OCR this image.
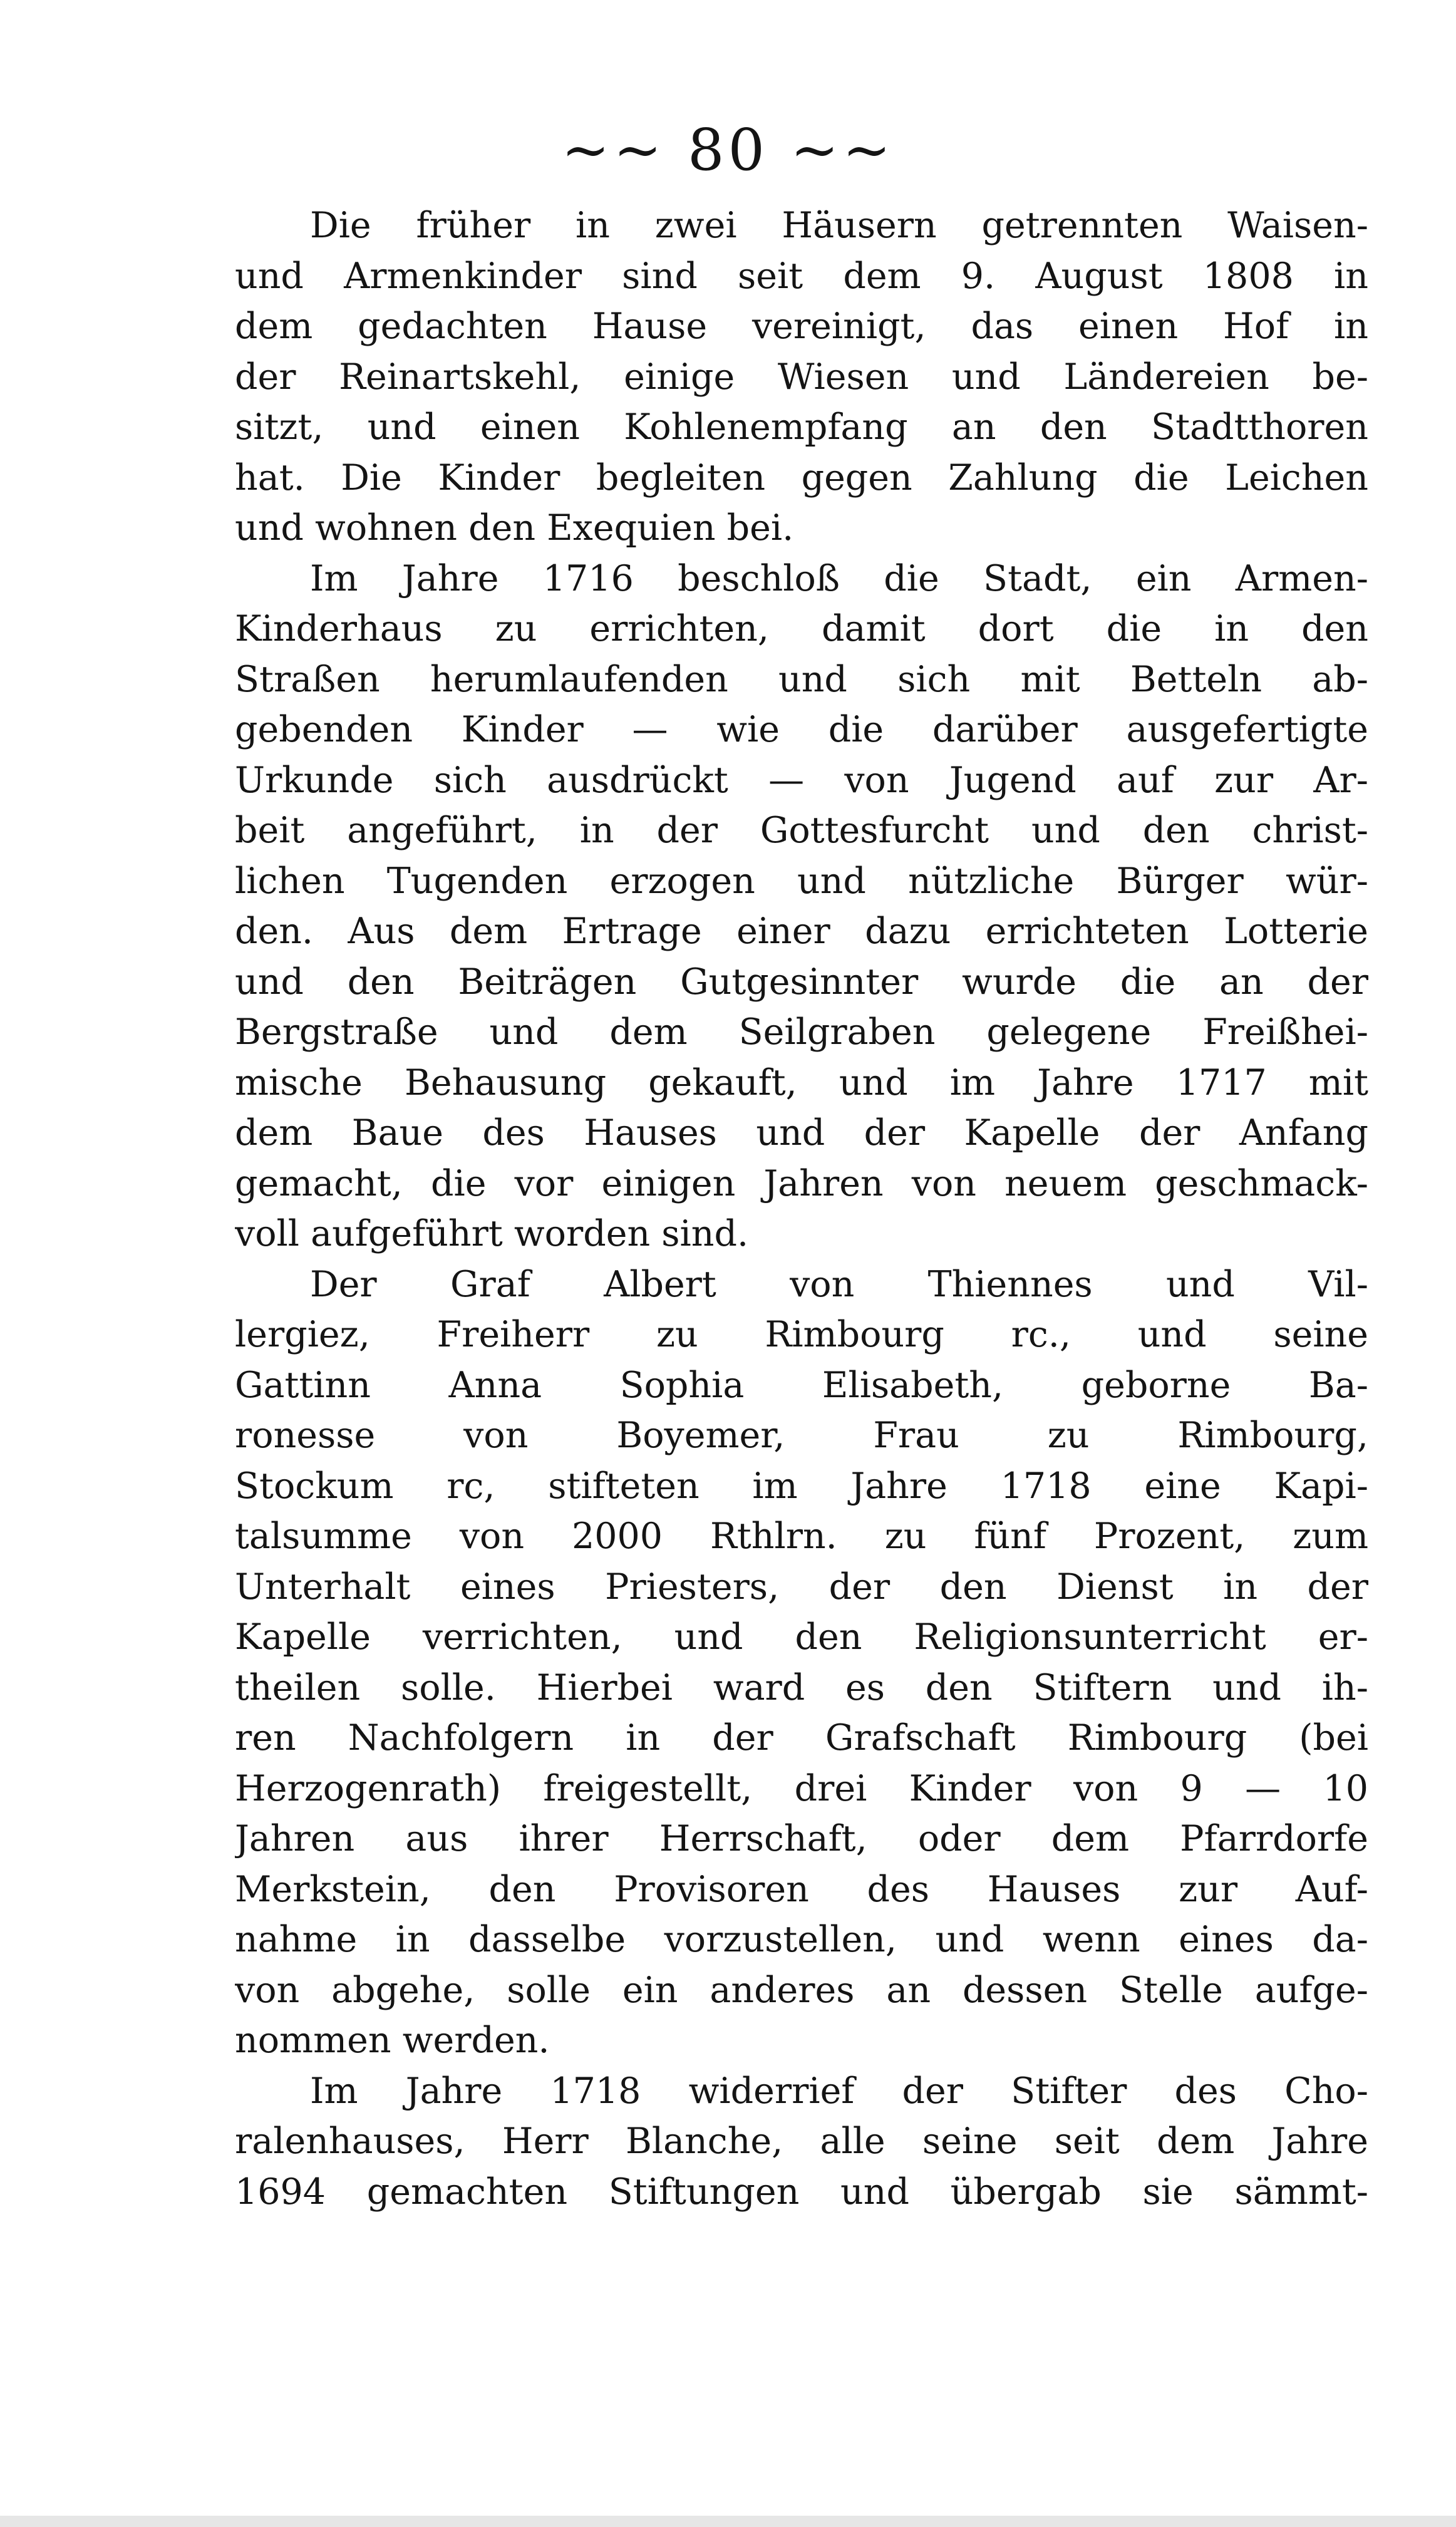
~~ 80 ~~
Die früher in zwei Häusern getrennten Waisen-
und Armenkinder sind seit dem 9. August 1808 in
dem gedachten Hause vereinigt, das einen Hof in
der Reinartskehl, einige Wiesen und Ländereien be-
sitzt, und einen Kohlenempfang an den Stadtthoren
hat. Die Kinder begleiten gegen Zahlung die Leichen
und wohnen den Exequien bei.
Im Jahre 1716 beschloß die Stadt, ein Armen-
Kinderhaus zu errichten, damit dort die in den
Straßen herumlaufenden und sich mit Betteln ab-
gebenden Kinder — wie die darüber ausgefertigte
Urkunde sich ausdrückt — von Jugend auf zur Ar-
beit angeführt, in der Gottesfurcht und den christ-
lichen Tugenden erzogen und nützliche Bürger wür-
den. Aus dem Ertrage einer dazu errichteten Lotterie
und den Beiträgen Gutgesinnter wurde die an der
Bergstraße und dem Seilgraben gelegene Freißhei-
mische Behausung gekauft, und im Jahre 1717 mit
dem Baue des Hauses und der Kapelle der Anfang
gemacht, die vor einigen Jahren von neuem geschmack-
voll aufgeführt worden sind.
Der Graf Albert von Thiennes und Vil-
lergiez, Freiherr zu Rimbourg rc., und seine
Gattinn Anna Sophia Elisabeth, geborne Ba-
ronesse von Boyemer, Frau zu Rimbourg,
Stockum rc, stifteten im Jahre 1718 eine Kapi-
talsumme von 2000 Rthlrn. zu fünf Prozent, zum
Unterhalt eines Priesters, der den Dienst in der
Kapelle verrichten, und den Religionsunterricht er-
theilen solle. Hierbei ward es den Stiftern und ih-
ren Nachfolgern in der Grafschaft Rimbourg (bei
Herzogenrath) freigestellt, drei Kinder von 9 — 10
Jahren aus ihrer Herrschaft, oder dem Pfarrdorfe
Merkstein, den Provisoren des Hauses zur Auf-
nahme in dasselbe vorzustellen, und wenn eines da-
von abgehe, solle ein anderes an dessen Stelle aufge-
nommen werden.
Im Jahre 1718 widerrief der Stifter des Cho-
ralenhauses, Herr Blanche, alle seine seit dem Jahre
1694 gemachten Stiftungen und übergab sie sämmt-
